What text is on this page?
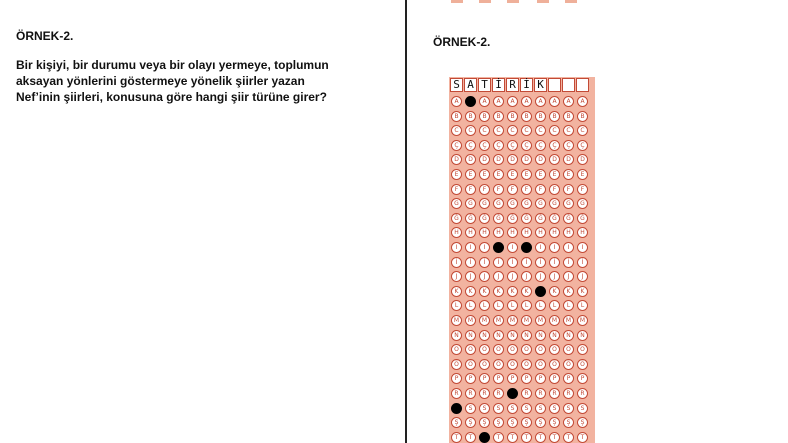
ÖRNEK-2.
Bir kişiyi, bir durumu veya bir olayı yermeye, toplumun
aksayan yönlerini göstermeye yönelik şiirler yazan
Nef’inin şiirleri, konusuna göre hangi şiir türüne girer?
ÖRNEK-2.
S A T İ R İ K
A	A	A	A	A	A	A	A	A	A
B	B	B	B	B	B	B	B	B	B
C	C	C	C	C	C	C	C	C	C
Ç	Ç	Ç	Ç	Ç	Ç	Ç	Ç	Ç	Ç
D	D	D	D	D	D	D	D	D	D
E	E	E	E	E	E	E	E	E	E
F	F	F	F	F	F	F	F	F	F
G	G	G	G	G	G	G	G	G	G
Ğ	Ğ	Ğ	Ğ	Ğ	Ğ	Ğ	Ğ	Ğ	Ğ
H	H	H	H	H	H	H	H	H	H
I	I	I	I	I	I	I	I	I	I
İ	İ	İ	İ	İ	İ	İ	İ	İ	İ
J	J	J	J	J	J	J	J	J	J
K	K	K	K	K	K	K	K	K	K
L	L	L	L	L	L	L	L	L	L
M	M	M	M	M	M	M	M	M	M
N	N	N	N	N	N	N	N	N	N
O	O	O	O	O	O	O	O	O	O
Ö	Ö	Ö	Ö	Ö	Ö	Ö	Ö	Ö	Ö
P	P	P	P	P	P	P	P	P	P
R	R	R	R	R	R	R	R	R	R
S	S	S	S	S	S	S	S	S	S
Ş	Ş	Ş	Ş	Ş	Ş	Ş	Ş	Ş	Ş
T	T	T	T	T	T	T	T	T	T
